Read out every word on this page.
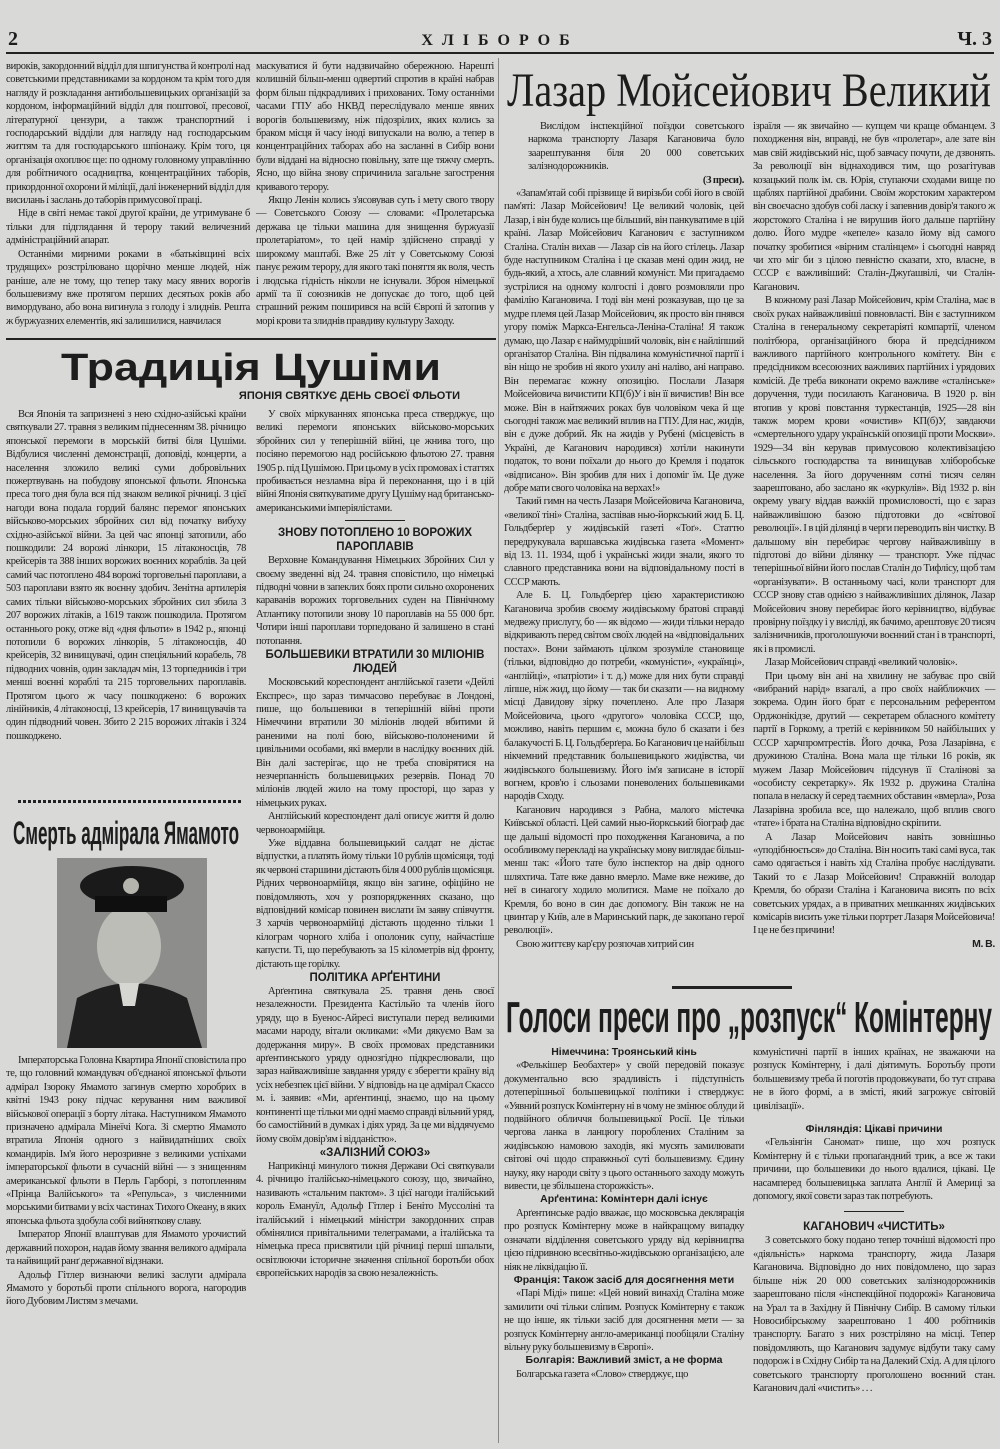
2	ХЛІБОРОБ	Ч. 3

вироків, закордонний відділ для шпигунства й контролі над советськими представниками за кордоном та крім того для нагляду й розкладання антибольшевицьких організацій за кордоном, інформаційний відділ для поштової, пресової, літературної цензури, а також транспортний і господарський відділи для нагляду над господарським життям та для господарського шпіонажу. Крім того, ця організація охоплює ще: по одному головному управлінню для робітничого осадництва, концентраційних таборів, прикордонної охорони й міліції, далі інженерний відділ для висилань і заслань до таборів примусової праці.

Ніде в світі немає такої другої країни, де утримуване б тільки для підглядання й терору такий величезний адміністраційний апарат.

Останніми мирними роками в «батьківщині всіх трудящих» розстрілювано щорічно менше людей, ніж раніше, але не тому, що тепер таку масу явних ворогів большевизму вже протягом перших десятьох років або вимордувано, або вона вигинула з голоду і злиднів. Решта ж буржуазних елементів, які залишилися, навчилася

маскуватися й бути надзвичайно обережною. Нарешті колишній більш-менш одвертий спротив в країні набрав форм більш підкрадливих і прихованих. Тому останніми часами ГПУ або НКВД переслідувало менше явних ворогів большевизму, ніж підозрілих, яких колись за браком місця й часу іноді випускали на волю, а тепер в концентраційних таборах або на засланні в Сибір вони були віддані на відносно повільну, зате ще тяжчу смерть. Ясно, що війна знову спричинила загальне загострення кривавого терору.

Якщо Ленін колись з'ясовував суть і мету свого твору — Советського Союзу — словами: «Пролетарська держава це тільки машина для знищення буржуазії пролетаріатом», то цей намір здійснено справді у широкому маштабі. Вже 25 літ у Советському Союзі панує режим терору, для якого такі поняття як воля, честь і людська гідність ніколи не існували. Зброя німецької армії та її союзників не допускає до того, щоб цей страшний режим поширився на всій Європі й затопив у морі крови та злиднів правдиву культуру Заходу.

Традиція Цушіми
ЯПОНІЯ СВЯТКУЄ ДЕНЬ СВОЄЇ ФЛЬОТИ

Вся Японія та запризнені з нею східно-азійські країни святкували 27. травня з великим піднесенням 38. річницю японської перемоги в морській битві біля Цушіми. Відбулися численні демонстрації, доповіді, концерти, а населення зложило великі суми добровільних пожертвувань на побудову японської фльоти. Японська преса того дня була вся під знаком великої річниці. З цієї нагоди вона подала гордий балянс перемог японських військово-морських збройних сил від початку вибуху східно-азійської війни. За цей час японці затопили, або пошкодили: 24 ворожі лінкори, 15 літаконосців, 78 крейсерів та 388 інших ворожих воєнних кораблів. За цей самий час потоплено 484 ворожі торговельні пароплави, а 503 пароплави взято як воєнну здобич. Зенітна артилерія самих тільки військово-морських збройних сил збила 3 207 ворожих літаків, а 1619 також пошкодила. Протягом останнього року, отже від «дня фльоти» в 1942 р., японці потопили 6 ворожих лінкорів, 5 літаконосців, 40 крейсерів, 32 винищувачі, один спеціяльний корабель, 78 підводних човнів, один закладач мін, 13 торпедників і три менші воєнні кораблі та 215 торговельних пароплавів. Протягом цього ж часу пошкоджено: 6 ворожих лінійників, 4 літаконосці, 13 крейсерів, 17 винищувачів та один підводний човен. Збито 2 215 ворожих літаків і 324 пошкоджено.

У своїх міркуваннях японська преса стверджує, що великі перемоги японських військово-морських збройних сил у теперішній війні, це жнива того, що посіяно перемогою над російською фльотою 27. травня 1905 р. під Цушімою. При цьому в усіх промовах і статтях пробивається незламна віра й переконання, що і в цій війні Японія святкуватиме другу Цушіму над британсько-американськими імперіялістами.

ЗНОВУ ПОТОПЛЕНО 10 ВОРОЖИХ ПАРОПЛАВІВ

Верховне Командування Німецьких Збройних Сил у своєму зведенні від 24. травня сповістило, що німецькі підводні човни в запеклих боях проти сильно охоронених караванів ворожих торговельних суден на Північному Атлантику потопили знову 10 пароплавів на 55 000 брт. Чотири інші пароплави торпедовано й залишено в стані потопання.

БОЛЬШЕВИКИ ВТРАТИЛИ 30 МІЛІОНІВ ЛЮДЕЙ

Московський кореспондент англійської газети «Дейлі Експрес», що зараз тимчасово перебуває в Лондоні, пише, що большевики в теперішній війні проти Німеччини втратили 30 міліонів людей вбитими й раненими на полі бою, військово-полоненими й цивільними особами, які вмерли в наслідку воєнних дій. Він далі застерігає, що не треба сповірятися на незчерпанність большевицьких резервів. Понад 70 міліонів людей жило на тому просторі, що зараз у німецьких руках.

Англійський кореспондент далі описує життя й долю червоноармійця.

Уже віддавна большевицький салдат не дістає відпустки, а платять йому тільки 10 рублів щомісяця, тоді як червоні старшини дістають біля 4 000 рублів щомісяця. Рідних червоноармійця, якщо він загине, офіційно не повідомляють, хоч у розпорядженнях сказано, що відповідний комісар повинен вислати їм заяву співчуття. З харчів червоноармійці дістають щоденно тільки 1 кілограм чорного хліба і ополоник супу, найчастіше капусти. Ті, що перебувають за 15 кілометрів від фронту, дістають ще горілку.

ПОЛІТИКА АРҐЕНТИНИ

Арґентина святкувала 25. травня день своєї незалежности. Президента Кастільйо та членів його уряду, що в Буенос-Айресі виступали перед великими масами народу, вітали окликами: «Ми дякуємо Вам за додержання миру». В своїх промовах представники арґентинського уряду однозгідно підкреслювали, що зараз найважливіше завдання уряду є зберегти країну від усіх небезпек цієї війни. У відповідь на це адмірал Скассо м. і. заявив: «Ми, арґентинці, знаємо, що на цьому континенті ще тільки ми одні маємо справді вільний уряд, бо самостійний в думках і діях уряд. За це ми віддячуємо йому своїм довір'ям і відданістю».

«ЗАЛІЗНИЙ СОЮЗ»

Наприкінці минулого тижня Держави Осі святкували 4. річницю італійсько-німецького союзу, що, звичайно, називають «стальним пактом». З цієї нагоди італійський король Емануїл, Адольф Гітлер і Беніто Муссоліні та італійський і німецький міністри закордонних справ обмінялися привітальними телеграмами, а італійська та німецька преса присвятили цій річниці перші шпальти, освітлюючи історичне значення спільної боротьби обох європейських народів за свою незалежність.

Смерть адмірала Ямамото

Імператорська Головна Квартира Японії сповістила про те, що головний командувач об'єднаної японської фльоти адмірал Ізороку Ямамото загинув смертю хоробрих в квітні 1943 року підчас керування ним важливої військової операції з борту літака. Наступником Ямамото призначено адмірала Мінеїчі Кога. Зі смертю Ямамото втратила Японія одного з найвидатніших своїх командирів. Ім'я його нерозривне з великими успіхами імператорської фльоти в сучасній війні — з знищенням американської фльоти в Перль Гарборі, з потопленням «Прінца Валійського» та «Репульса», з численними морськими битвами у всіх частинах Тихого Океану, в яких японська фльота здобула собі вийняткову славу.

Імператор Японії влаштував для Ямамото урочистий державний похорон, надав йому звання великого адмірала та найвищий ранґ державної відзнаки.

Адольф Гітлер визнаючи великі заслуги адмірала Ямамото у боротьбі проти спільного ворога, нагородив його Дубовим Листям з мечами.

Лазар Мойсейович Великий

Вислідом інспекційної поїздки советського наркома транспорту Лазаря Кагановича було заарештування біля 20 000 советських залізнодорожників.

(З преси).

«Запам'ятай собі прізвище й вирізьби собі його в своїй пам'яті: Лазар Мойсейович! Це великий чоловік, цей Лазар, і він буде колись ще більший, він панкуватиме в цій країні. Лазар Мойсейович Каганович є заступником Сталіна. Сталін вихав — Лазар сів на його стілець. Лазар буде наступником Сталіна і це сказав мені один жид, не будь-який, а хтось, але славний комуніст. Ми пригадаємо зустрілися на одному колгоспі і довго розмовляли про фамілію Кагановича. І тоді він мені розказував, що це за мудре племя цей Лазар Мойсейович, як просто він пнявся угору поміж Маркса-Енгельса-Леніна-Сталіна! Я також думаю, що Лазар є наймудріший чоловік, він є найліпший організатор Сталіна. Він підвалина комуністичної партії і він ніщо не зробив ні якого ухилу ані наліво, ані направо. Він перемагає кожну опозицію. Послали Лазаря Мойсейовича вичистити КП(б)У і він її вичистив! Він все може. Він в найтяжчих роках був чоловіком чека й ще сьогодні також має великий вплив на ГПУ. Для нас, жидів, він є дуже добрий. Як на жидів у Рубені (місцевість в Україні, де Каганович народився) хотіли накинути податок, то вони поїхали до нього до Кремля і податок «відписано». Він зробив для них і допоміг їм. Це дуже добре мати свого чоловіка на верхах!»

Такий гимн на честь Лазаря Мойсейовича Кагановича, «великої тіні» Сталіна, заспівав нью-йоркський жид Б. Ц. Гольдберґер у жидівській газеті «Тоґ». Статтю передрукувала варшавська жидівська газета «Момент» від 13. 11. 1934, щоб і українські жиди знали, якого то славного представника вони на відповідальному пості в СССР мають.

Але Б. Ц. Гольдберґер цією характеристикою Кагановича зробив своєму жидівському братові справді медвежу прислугу, бо — як відомо — жиди тільки нерадо відкривають перед світом своїх людей на «відповідальних постах». Вони займають цілком зрозуміле становище (тільки, відповідно до потреби, «комуністи», «українці», «англійці», «патріоти» і т. д.) може для них бути справді ліпше, ніж жид, що йому — так би сказати — на видному місці Давидову зірку почеплено. Але про Лазаря Мойсейовича, цього «другого» чоловіка СССР, що, можливо, навіть першим є, можна було б сказати і без балакучості Б. Ц. Гольдберґера. Бо Каганович це найбільш нікчемний представник большевицького жидівства, чи жидівського большевизму. Його ім'я записане в історії вогнем, кров'ю і сльозами поневолених большевиками народів Сходу.

Каганович народився з Рабна, малого містечка Київської області. Цей самий нью-йоркський біограф дає ще дальші відомості про походження Кагановича, а по особливому перекладі на українську мову виглядає більш-менш так: «Його тате було інспектор на двір одного шляхтича. Тате вже давно вмерло. Маме вже неживе, до неї в синагогу ходило молитися. Маме не поїхало до Кремля, бо воно в син дає допомогу. Він також не на цвинтар у Київ, але в Маринський парк, де закопано герої революції».

Свою життєву кар'єру розпочав хитрий син

ізраїля — як звичайно — купцем чи краще обманцем. З походження він, вправді, не був «пролетар», але зате він мав свій жидівський ніс, щоб завчасу почути, де дзвонять. За революції він віднаходився тим, що розагітував козацький полк ім. св. Юрія, ступаючи сходами вище по щаблях партійної драбини. Своїм жорстоким характером він своєчасно здобув собі ласку і запевнив довір'я такого ж жорстокого Сталіна і не вирушив його дальше партійну долю. Його мудре «кепеле» казало йому від самого початку зробитися «вірним сталінцем» і сьогодні навряд чи хто міг би з цілою певністю сказати, хто, власне, в СССР є важливіший: Сталін-Джуґашвілі, чи Сталін-Каганович.

В кожному разі Лазар Мойсейович, крім Сталіна, має в своїх руках найважливіші повновласті. Він є заступником Сталіна в генеральному секретаріяті компартії, членом політбюра, організаційного бюра й предсідником важливого партійного контрольного комітету. Він є предсідником всесоюзних важливих партійних і урядових комісій. Де треба виконати окремо важливе «сталінське» доручення, туди посилають Кагановича. В 1920 р. він втопив у крові повстання туркестанців, 1925—28 він також морем крови «очистив» КП(б)У, завдаючи «смертельного удару українській опозиції проти Москви». 1929—34 він керував примусовою колективізацією сільського господарства та винищував хліборобське населення. За його дорученням сотні тисяч селян заарештовано, або заслано як «куркулів». Від 1932 р. він окрему увагу віддав важкій промисловості, що є зараз найважливішою базою підготовки до «світової революції». І в цій ділянці в черги переводить він чистку. В дальшому він перебирає чергову найважливішу в підготові до війни ділянку — транспорт. Уже підчас теперішньої війни його послав Сталін до Тифлісу, щоб там «організувати». В останньому часі, коли транспорт для СССР знову став однією з найважливіших ділянок, Лазар Мойсейович знову перебирає його керівництво, відбуває провірну поїздку і у висліді, як бачимо, арештовує 20 тисяч залізничників, проголошуючи воєнний стан і в транспорті, як і в промислі.

Лазар Мойсейович справді «великий чоловік».

При цьому він ані на хвилину не забуває про свій «вибраний нарід» взагалі, а про своїх найближчих — зокрема. Один його брат є персональним референтом Орджонікідзе, другий — секретарем обласного комітету партії в Горкому, а третій є керівником 50 найбільших у СССР харчпромтрестів. Його дочка, Роза Лазарівна, є дружиною Сталіна. Вона мала ще тільки 16 років, як мужем Лазар Мойсейович підсунув її Сталінові за «особисту секретарку». Як 1932 р. дружина Сталіна попала в неласку й серед таємних обставин «вмерла», Роза Лазарівна зробила все, що належало, щоб вплив свого «тате» і брата на Сталіна відповідно скріпити.

А Лазар Мойсейович навіть зовнішньо «уподібнюється» до Сталіна. Він носить такі самі вуса, так само одягається і навіть хід Сталіна пробує наслідувати. Такий то є Лазар Мойсейович! Справжній володар Кремля, бо образи Сталіна і Кагановича висять по всіх советських урядах, а в приватних мешканнях жидівських комісарів висить уже тільки портрет Лазаря Мойсейовича! І це не без причини!

М. В.

Голоси преси про „розпуск“ Комінтерну

Німеччина: Троянський кінь

«Фелькішер Беобахтер» у своїй передовій показує документально всю зрадливість і підступність дотеперішньої большевицької політики і стверджує: «Уявний розпуск Комінтерну ні в чому не змінює облуди й подвійного обличчя большевицької Росії. Це тільки чергова ланка в ланцюгу пороблених Сталіним за жидівською намовою заходів, які мусять замилювати світові очі щодо справжньої суті большевизму. Єдину науку, яку народи світу з цього останнього заходу можуть вивести, це збільшена сторожкість».

Арґентина: Комінтерн далі існує

Арґентинське радіо вважає, що московська деклярація про розпуск Комінтерну може в найкращому випадку означати відділення советського уряду від керівництва цією підривною всесвітньо-жидівською організацією, але ніяк не ліквідацію її.

Франція: Також засіб для досягнення мети

«Парі Міді» пише: «Цей новий винахід Сталіна може замилити очі тільки сліпим. Розпуск Комінтерну є також не що інше, як тільки засіб для досягнення мети — за розпуск Комінтерну англо-американці пообіцяли Сталіну вільну руку большевизму в Європі».

Болгарія: Важливий зміст, а не форма

Болгарська газета «Слово» стверджує, що

комуністичні партії в інших країнах, не зважаючи на розпуск Комінтерну, і далі діятимуть. Боротьбу проти большевизму треба й поготів продовжувати, бо тут справа не в його формі, а в змісті, який загрожує світовій цивілізації».

Фінляндія: Цікаві причини

«Гельзінгін Саномат» пише, що хоч розпуск Комінтерну й є тільки пропаґандний трик, а все ж таки причини, що большевики до нього вдалися, цікаві. Це насамперед большевицька заплата Англії й Америці за допомогу, якої совєти зараз так потребують.

КАГАНОВИЧ «ЧИСТИТЬ»

З советського боку подано тепер точніші відомості про «діяльність» наркома транспорту, жида Лазаря Кагановича. Відповідно до них повідомлено, що зараз більше ніж 20 000 советських залізнодорожників заарештовано після «інспекційної подорожі» Кагановича на Урал та в Західну й Північну Сибір. В самому тільки Новосибірському заарештовано 1 400 робітників транспорту. Багато з них розстріляно на місці. Тепер повідомляють, що Каганович задумує відбути таку саму подорож і в Східну Сибір та на Далекий Схід. А для цілого советського транспорту проголошено воєнний стан. Каганович далі «чистить» . . .
